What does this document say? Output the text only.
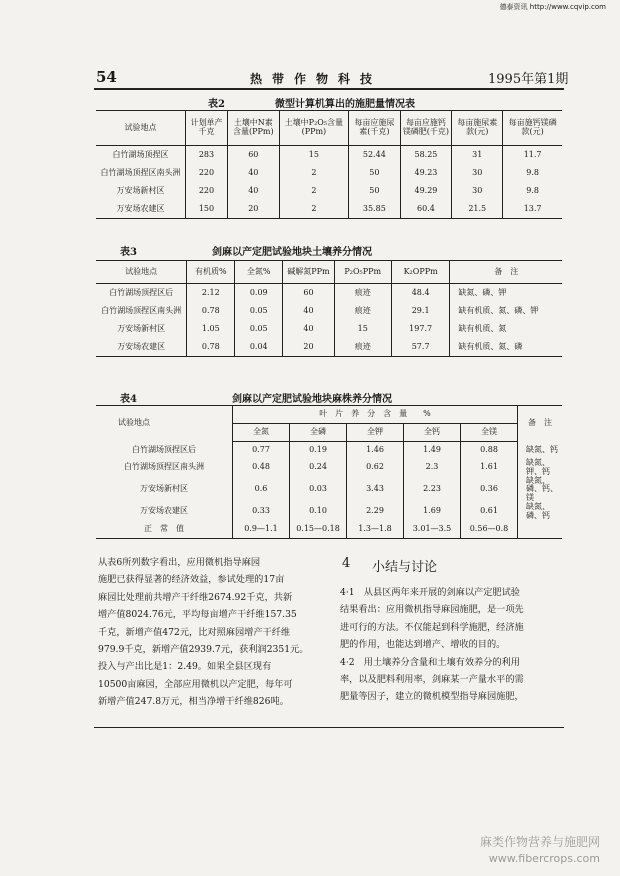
德泰资讯 http://www.cqvip.com
54	热带作物科技	1995年第1期
表2	微型计算机算出的施肥量情况表
试验地点	计划单产千克	土壤中N素含量(PPm)	土壤中P₂O₅含量(PPm)	每亩应施尿素(千克)	每亩应施钙镁磷肥(千克)	每亩施尿素款(元)	每亩施钙镁磷款(元)
白竹湖场顶捏区	283	60	15	52.44	58.25	31	11.7
白竹湖场顶捏区南头洲	220	40	2	50	49.23	30	9.8
万安场新村区	220	40	2	50	49.29	30	9.8
万安场农建区	150	20	2	35.85	60.4	21.5	13.7
表3	剑麻以产定肥试验地块土壤养分情况
试验地点	有机质%	全氮%	碱解氮PPm	P₂O₅PPm	K₂OPPm	备　注
白竹湖场顶捏区后	2.12	0.09	60	痕迹	48.4	缺氮、磷、钾
白竹湖场顶捏区南头洲	0.78	0.05	40	痕迹	29.1	缺有机质、氮、磷、钾
万安场新村区	1.05	0.05	40	15	197.7	缺有机质、氮
万安场农建区	0.78	0.04	20	痕迹	57.7	缺有机质、氮、磷
表4	剑麻以产定肥试验地块麻株养分情况
试验地点	叶　片　养　分　含　量　　%					备　注
	全氮	全磷	全钾	全钙	全镁	
白竹湖场顶捏区后	0.77	0.19	1.46	1.49	0.88	缺氮、钙
白竹湖场顶捏区南头洲	0.48	0.24	0.62	2.3	1.61	缺氮、钾、钙
万安场新村区	0.6	0.03	3.43	2.23	0.36	缺氮、磷、钙、镁
万安场农建区	0.33	0.10	2.29	1.69	0.61	缺氮、磷、钙
正　常　值	0.9—1.1	0.15—0.18	1.3—1.8	3.01—3.5	0.56—0.8	
从表6所列数字看出，应用微机指导麻园
施肥已获得显著的经济效益，参试处理的17亩
麻园比处理前共增产干纤维2674.92千克，共新
增产值8024.76元，平均每亩增产干纤维157.35
千克，新增产值472元，比对照麻园增产干纤维
979.9千克，新增产值2939.7元，获利润2351元。
投入与产出比是1：2.49。如果全县区现有
10500亩麻园，全部应用微机以产定肥，每年可
新增产值247.8万元，相当净增干纤维826吨。
4 小结与讨论
4·1　从县区两年来开展的剑麻以产定肥试验
结果看出：应用微机指导麻园施肥，是一项先
进可行的方法。不仅能起到科学施肥，经济施
肥的作用，也能达到增产、增收的目的。
4·2　用土壤养分含量和土壤有效养分的利用
率，以及肥料利用率，剑麻某一产量水平的需
肥量等因子，建立的微机模型指导麻园施肥，
麻类作物营养与施肥网
www.fibercrops.com
